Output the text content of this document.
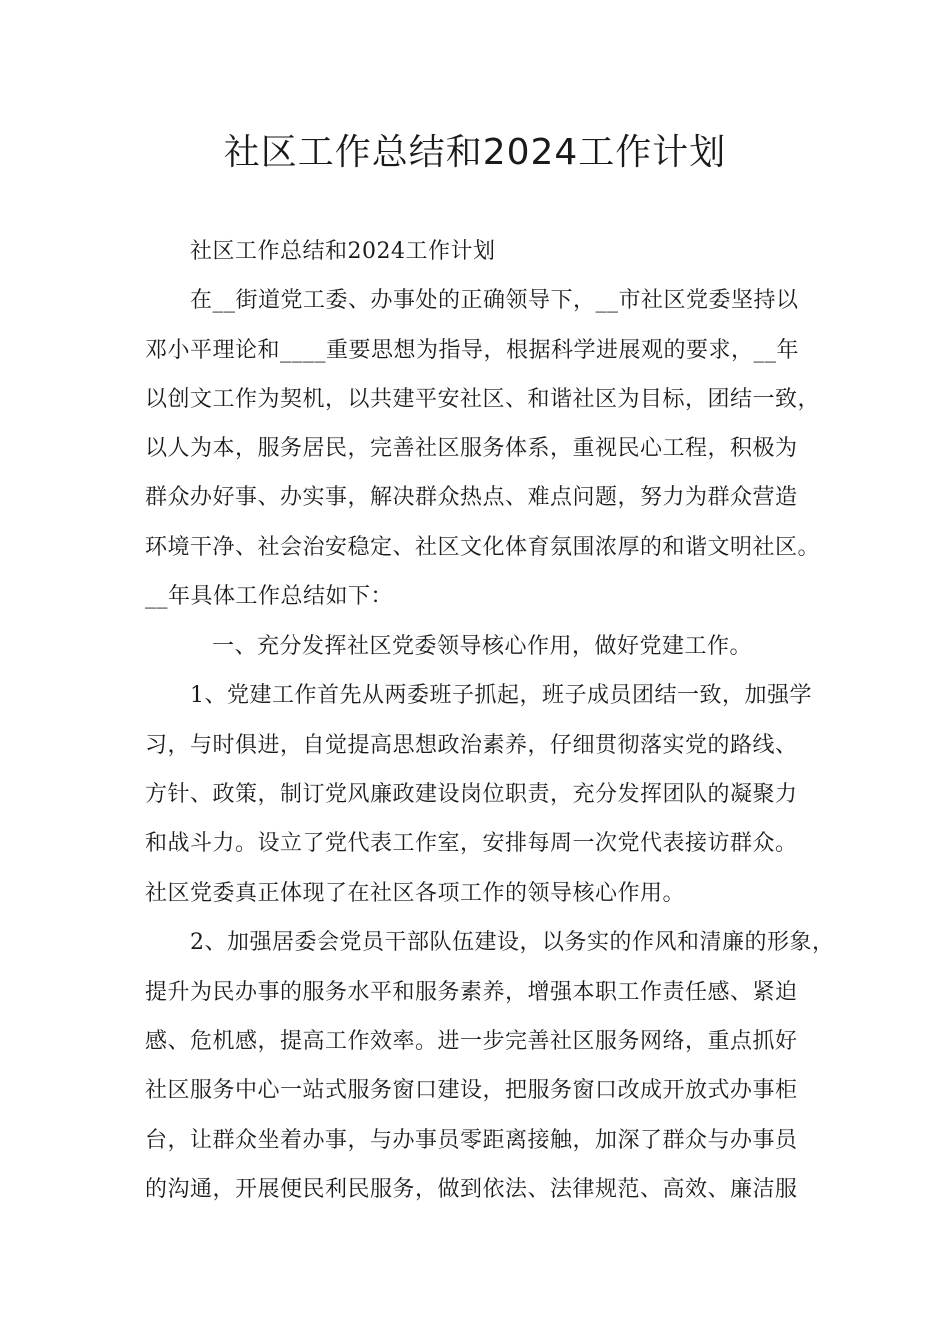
社区工作总结和2024工作计划

社区工作总结和2024工作计划

在__街道党工委、办事处的正确领导下，__市社区党委坚持以

邓小平理论和____重要思想为指导，根据科学进展观的要求，__年

以创文工作为契机，以共建平安社区、和谐社区为目标，团结一致，

以人为本，服务居民，完善社区服务体系，重视民心工程，积极为

群众办好事、办实事，解决群众热点、难点问题，努力为群众营造

环境干净、社会治安稳定、社区文化体育氛围浓厚的和谐文明社区。

__年具体工作总结如下：

一、充分发挥社区党委领导核心作用，做好党建工作。

1、党建工作首先从两委班子抓起，班子成员团结一致，加强学

习，与时俱进，自觉提高思想政治素养，仔细贯彻落实党的路线、

方针、政策，制订党风廉政建设岗位职责，充分发挥团队的凝聚力

和战斗力。设立了党代表工作室，安排每周一次党代表接访群众。

社区党委真正体现了在社区各项工作的领导核心作用。

2、加强居委会党员干部队伍建设，以务实的作风和清廉的形象，

提升为民办事的服务水平和服务素养，增强本职工作责任感、紧迫

感、危机感，提高工作效率。进一步完善社区服务网络，重点抓好

社区服务中心一站式服务窗口建设，把服务窗口改成开放式办事柜

台，让群众坐着办事，与办事员零距离接触，加深了群众与办事员

的沟通，开展便民利民服务，做到依法、法律规范、高效、廉洁服
